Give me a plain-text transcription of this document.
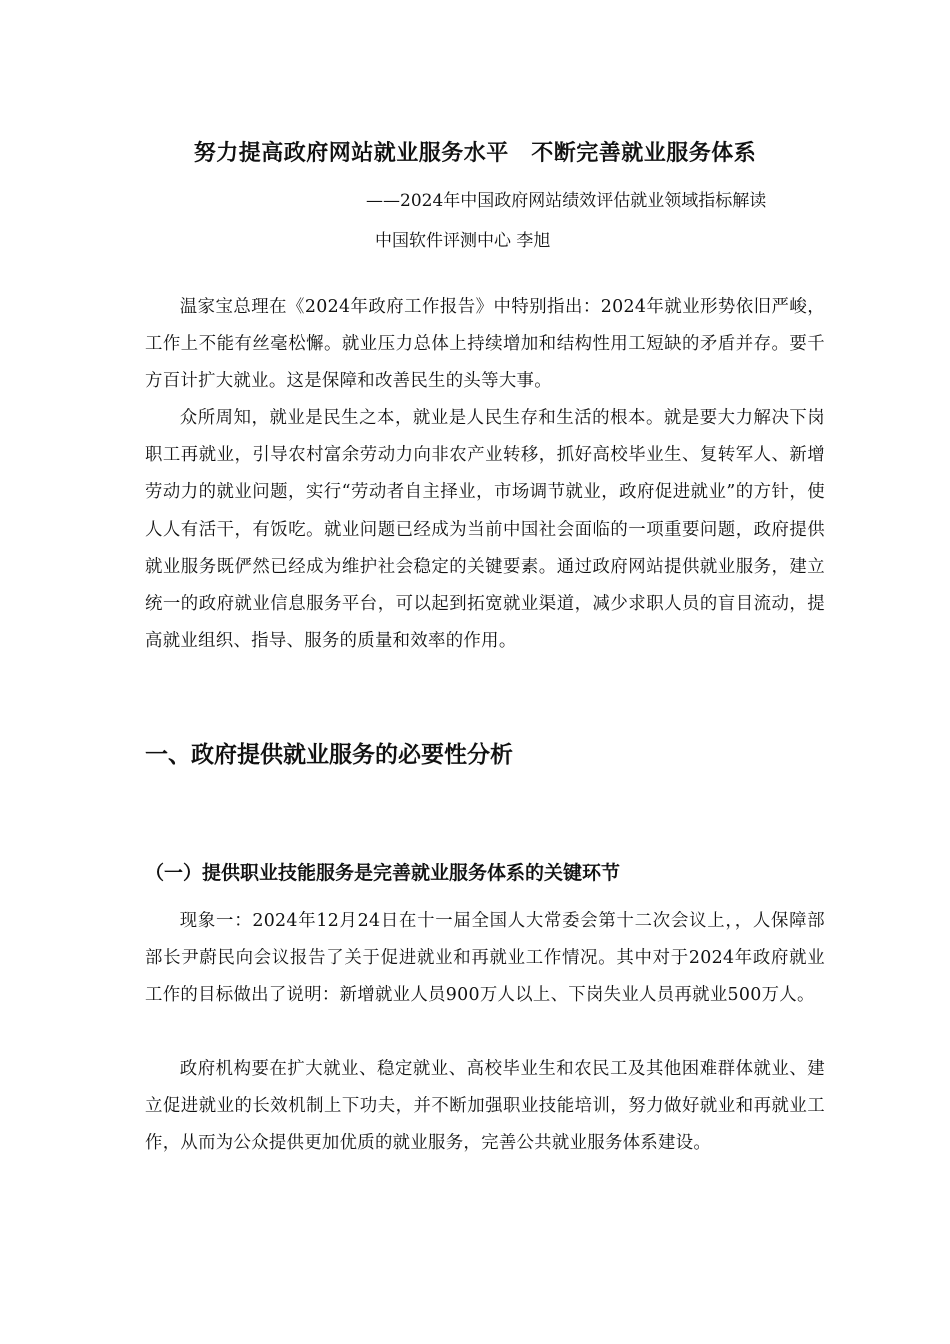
努力提高政府网站就业服务水平　不断完善就业服务体系
——2024年中国政府网站绩效评估就业领域指标解读
中国软件评测中心 李旭

温家宝总理在《2024年政府工作报告》中特别指出：2024年就业形势依旧严峻，工作上不能有丝毫松懈。就业压力总体上持续增加和结构性用工短缺的矛盾并存。要千方百计扩大就业。这是保障和改善民生的头等大事。

众所周知，就业是民生之本，就业是人民生存和生活的根本。就是要大力解决下岗职工再就业，引导农村富余劳动力向非农产业转移，抓好高校毕业生、复转军人、新增劳动力的就业问题，实行“劳动者自主择业，市场调节就业，政府促进就业”的方针，使人人有活干，有饭吃。就业问题已经成为当前中国社会面临的一项重要问题，政府提供就业服务既俨然已经成为维护社会稳定的关键要素。通过政府网站提供就业服务，建立统一的政府就业信息服务平台，可以起到拓宽就业渠道，减少求职人员的盲目流动，提高就业组织、指导、服务的质量和效率的作用。

一、政府提供就业服务的必要性分析
（一）提供职业技能服务是完善就业服务体系的关键环节

现象一：2024年12月24日在十一届全国人大常委会第十二次会议上，，人保障部部长尹蔚民向会议报告了关于促进就业和再就业工作情况。其中对于2024年政府就业工作的目标做出了说明：新增就业人员900万人以上、下岗失业人员再就业500万人。

政府机构要在扩大就业、稳定就业、高校毕业生和农民工及其他困难群体就业、建立促进就业的长效机制上下功夫，并不断加强职业技能培训，努力做好就业和再就业工作，从而为公众提供更加优质的就业服务，完善公共就业服务体系建设。
